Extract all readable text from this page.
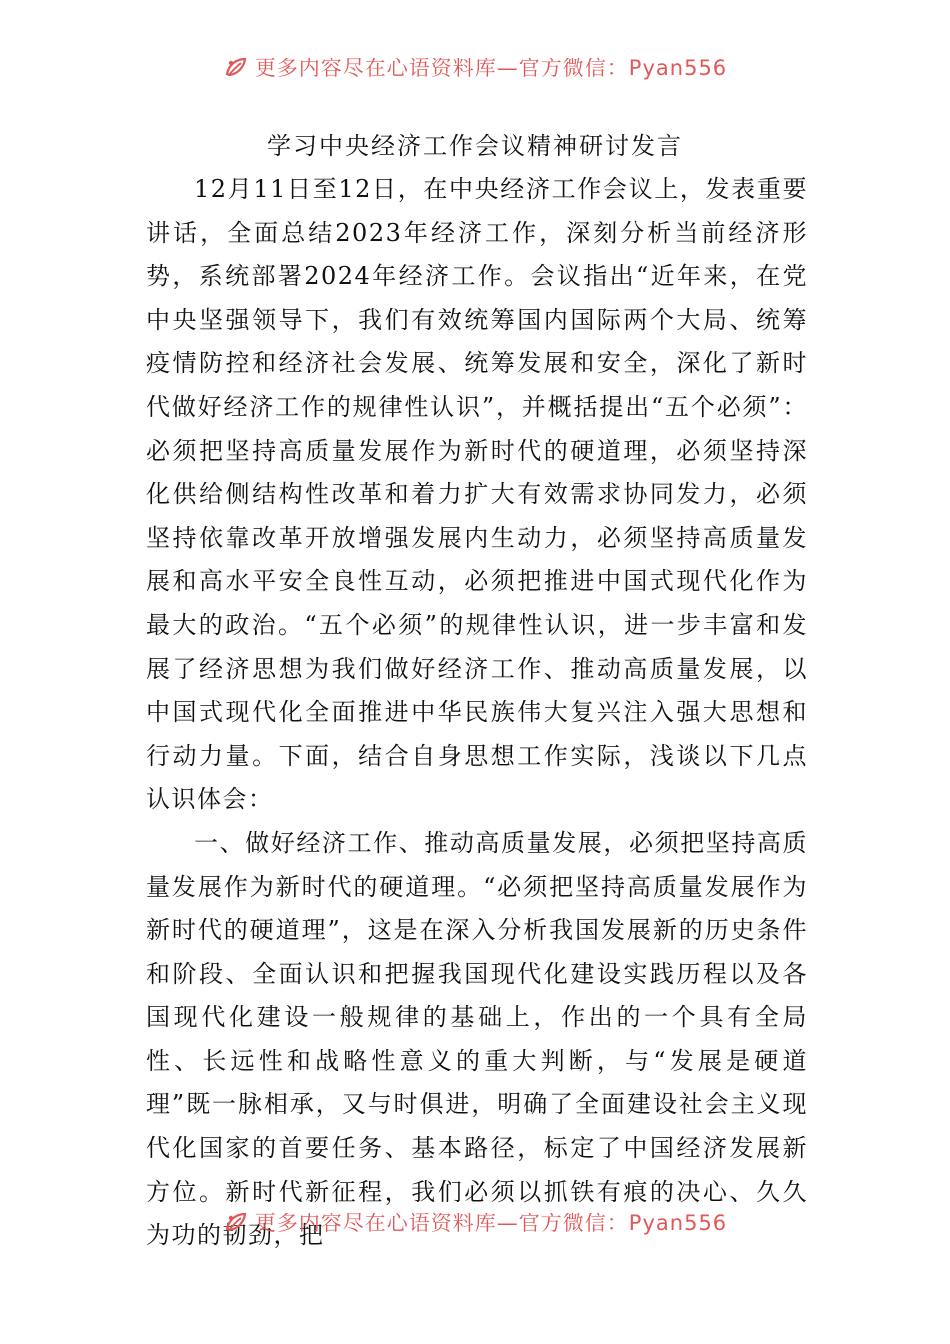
更多内容尽在心语资料库—官方微信：Pyan556
学习中央经济工作会议精神研讨发言

12月11日至12日，在中央经济工作会议上，发表重要讲话，全面总结2023年经济工作，深刻分析当前经济形势，系统部署2024年经济工作。会议指出“近年来，在党中央坚强领导下，我们有效统筹国内国际两个大局、统筹疫情防控和经济社会发展、统筹发展和安全，深化了新时代做好经济工作的规律性认识”，并概括提出“五个必须”：必须把坚持高质量发展作为新时代的硬道理，必须坚持深化供给侧结构性改革和着力扩大有效需求协同发力，必须坚持依靠改革开放增强发展内生动力，必须坚持高质量发展和高水平安全良性互动，必须把推进中国式现代化作为最大的政治。“五个必须”的规律性认识，进一步丰富和发展了经济思想为我们做好经济工作、推动高质量发展，以中国式现代化全面推进中华民族伟大复兴注入强大思想和行动力量。下面，结合自身思想工作实际，浅谈以下几点认识体会：

一、做好经济工作、推动高质量发展，必须把坚持高质量发展作为新时代的硬道理。“必须把坚持高质量发展作为新时代的硬道理”，这是在深入分析我国发展新的历史条件和阶段、全面认识和把握我国现代化建设实践历程以及各国现代化建设一般规律的基础上，作出的一个具有全局性、长远性和战略性意义的重大判断，与“发展是硬道理”既一脉相承，又与时俱进，明确了全面建设社会主义现代化国家的首要任务、基本路径，标定了中国经济发展新方位。新时代新征程，我们必须以抓铁有痕的决心、久久为功的韧劲，把

更多内容尽在心语资料库—官方微信：Pyan556
